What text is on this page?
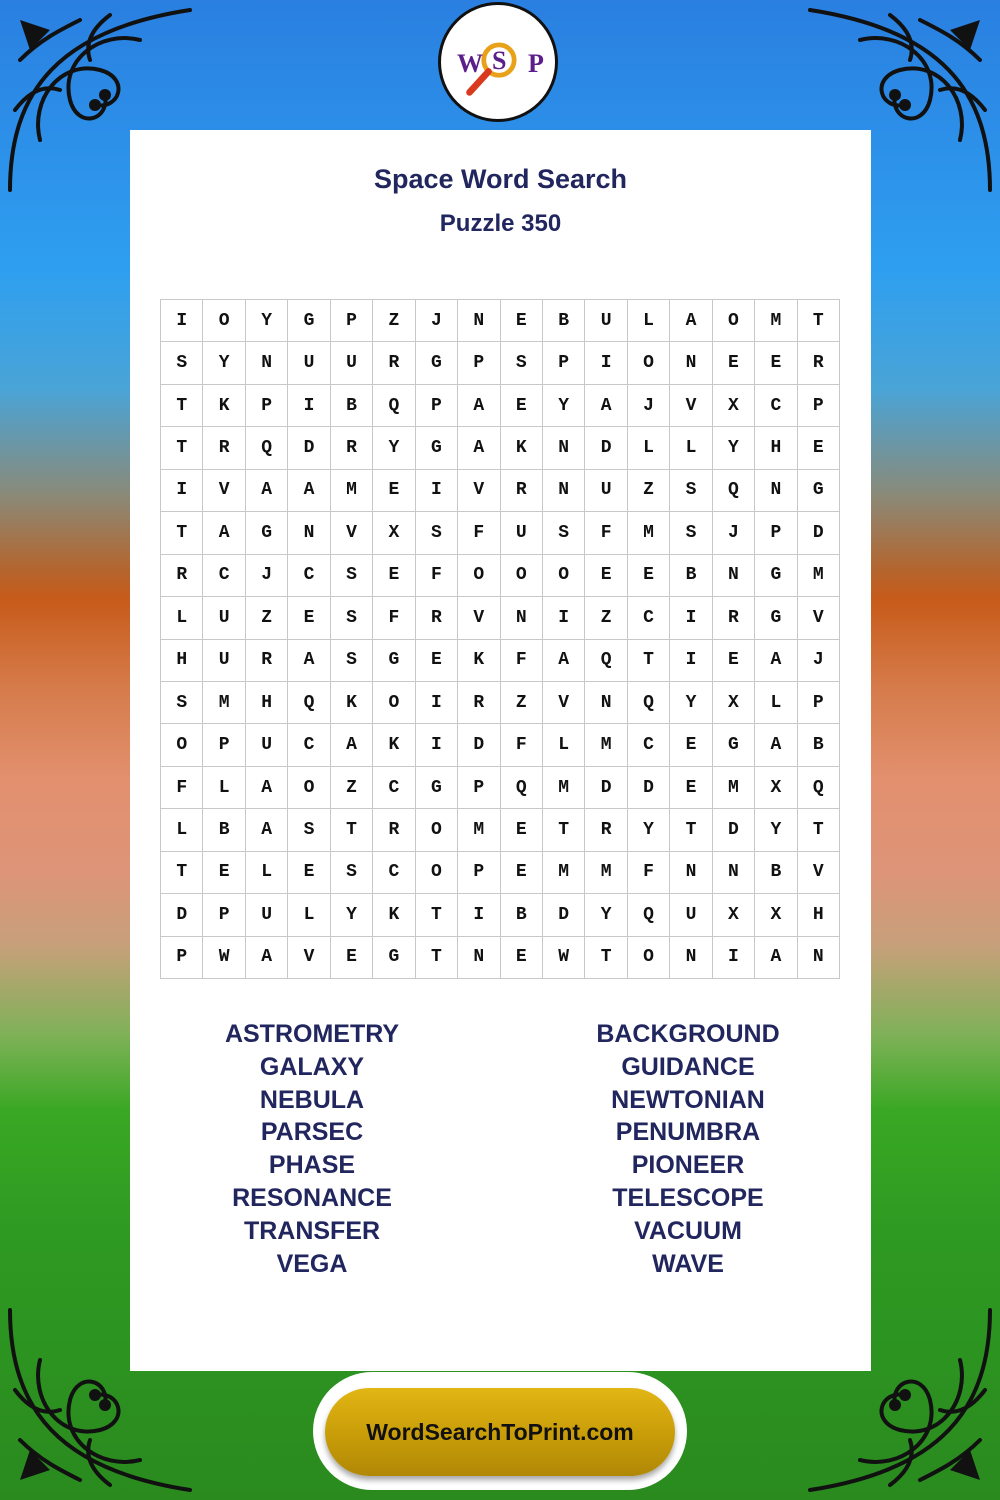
W S P
Space Word Search
Puzzle 350
I	O	Y	G	P	Z	J	N	E	B	U	L	A	O	M	T
S	Y	N	U	U	R	G	P	S	P	I	O	N	E	E	R
T	K	P	I	B	Q	P	A	E	Y	A	J	V	X	C	P
T	R	Q	D	R	Y	G	A	K	N	D	L	L	Y	H	E
I	V	A	A	M	E	I	V	R	N	U	Z	S	Q	N	G
T	A	G	N	V	X	S	F	U	S	F	M	S	J	P	D
R	C	J	C	S	E	F	O	O	O	E	E	B	N	G	M
L	U	Z	E	S	F	R	V	N	I	Z	C	I	R	G	V
H	U	R	A	S	G	E	K	F	A	Q	T	I	E	A	J
S	M	H	Q	K	O	I	R	Z	V	N	Q	Y	X	L	P
O	P	U	C	A	K	I	D	F	L	M	C	E	G	A	B
F	L	A	O	Z	C	G	P	Q	M	D	D	E	M	X	Q
L	B	A	S	T	R	O	M	E	T	R	Y	T	D	Y	T
T	E	L	E	S	C	O	P	E	M	M	F	N	N	B	V
D	P	U	L	Y	K	T	I	B	D	Y	Q	U	X	X	H
P	W	A	V	E	G	T	N	E	W	T	O	N	I	A	N
ASTROMETRY
GALAXY
NEBULA
PARSEC
PHASE
RESONANCE
TRANSFER
VEGA
BACKGROUND
GUIDANCE
NEWTONIAN
PENUMBRA
PIONEER
TELESCOPE
VACUUM
WAVE
WordSearchToPrint.com
